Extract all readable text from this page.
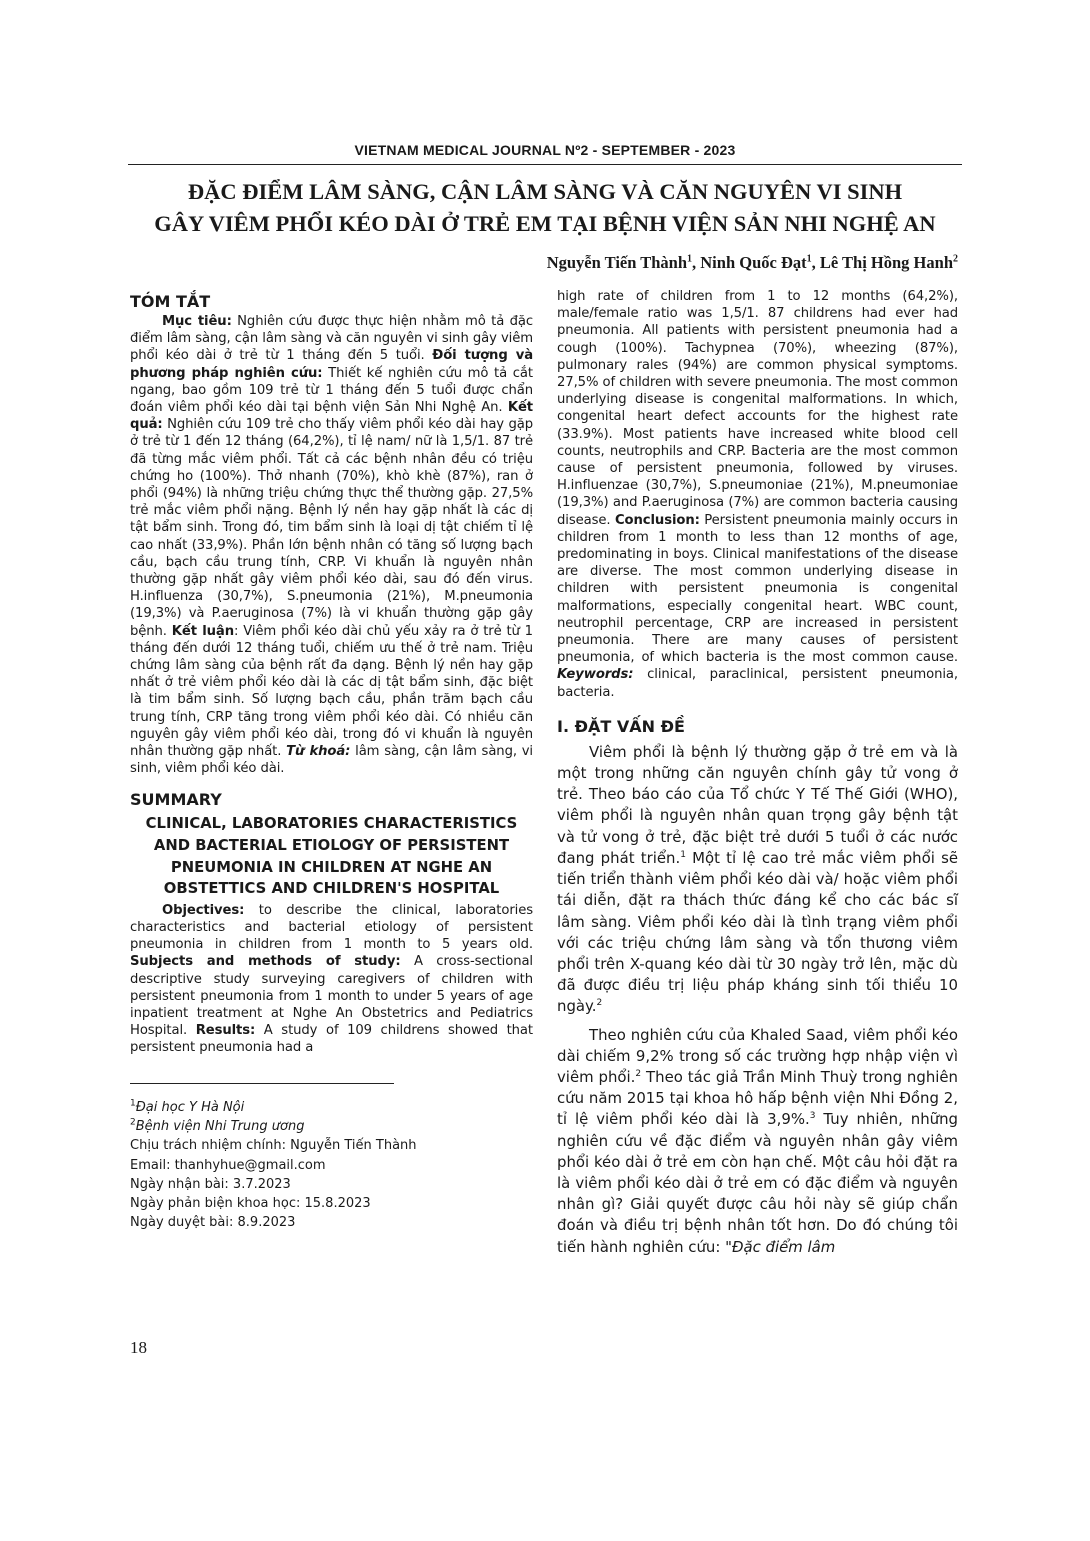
VIETNAM MEDICAL JOURNAL Nº2 - SEPTEMBER - 2023
ĐẶC ĐIỂM LÂM SÀNG, CẬN LÂM SÀNG VÀ CĂN NGUYÊN VI SINH
GÂY VIÊM PHỔI KÉO DÀI Ở TRẺ EM TẠI BỆNH VIỆN SẢN NHI NGHỆ AN
Nguyễn Tiến Thành$^1$, Ninh Quốc Đạt$^1$, Lê Thị Hồng Hanh$^2$
TÓM TẮT

Mục tiêu: Nghiên cứu được thực hiện nhằm mô tả đặc điểm lâm sàng, cận lâm sàng và căn nguyên vi sinh gây viêm phổi kéo dài ở trẻ từ 1 tháng đến 5 tuổi. Đối tượng và phương pháp nghiên cứu: Thiết kế nghiên cứu mô tả cắt ngang, bao gồm 109 trẻ từ 1 tháng đến 5 tuổi được chẩn đoán viêm phổi kéo dài tại bệnh viện Sản Nhi Nghệ An. Kết quả: Nghiên cứu 109 trẻ cho thấy viêm phổi kéo dài hay gặp ở trẻ từ 1 đến 12 tháng (64,2%), tỉ lệ nam/ nữ là 1,5/1. 87 trẻ đã từng mắc viêm phổi. Tất cả các bệnh nhân đều có triệu chứng ho (100%). Thở nhanh (70%), khò khè (87%), ran ở phổi (94%) là những triệu chứng thực thể thường gặp. 27,5% trẻ mắc viêm phổi nặng. Bệnh lý nền hay gặp nhất là các dị tật bẩm sinh. Trong đó, tim bẩm sinh là loại dị tật chiếm tỉ lệ cao nhất (33,9%). Phần lớn bệnh nhân có tăng số lượng bạch cầu, bạch cầu trung tính, CRP. Vi khuẩn là nguyên nhân thường gặp nhất gây viêm phổi kéo dài, sau đó đến virus. H.influenza (30,7%), S.pneumonia (21%), M.pneumonia (19,3%) và P.aeruginosa (7%) là vi khuẩn thường gặp gây bệnh. Kết luận: Viêm phổi kéo dài chủ yếu xảy ra ở trẻ từ 1 tháng đến dưới 12 tháng tuổi, chiếm ưu thế ở trẻ nam. Triệu chứng lâm sàng của bệnh rất đa dạng. Bệnh lý nền hay gặp nhất ở trẻ viêm phổi kéo dài là các dị tật bẩm sinh, đặc biệt là tim bẩm sinh. Số lượng bạch cầu, phần trăm bạch cầu trung tính, CRP tăng trong viêm phổi kéo dài. Có nhiều căn nguyên gây viêm phổi kéo dài, trong đó vi khuẩn là nguyên nhân thường gặp nhất. Từ khoá: lâm sàng, cận lâm sàng, vi sinh, viêm phổi kéo dài.

SUMMARY

CLINICAL, LABORATORIES CHARACTERISTICS AND BACTERIAL ETIOLOGY OF PERSISTENT PNEUMONIA IN CHILDREN AT NGHE AN OBSTETTICS AND CHILDREN'S HOSPITAL

Objectives: to describe the clinical, laboratories characteristics and bacterial etiology of persistent pneumonia in children from 1 month to 5 years old. Subjects and methods of study: A cross-sectional descriptive study surveying caregivers of children with persistent pneumonia from 1 month to under 5 years of age inpatient treatment at Nghe An Obstetrics and Pediatrics Hospital. Results: A study of 109 childrens showed that persistent pneumonia had a

$^1$Đại học Y Hà Nội

$^2$Bệnh viện Nhi Trung ương

Chịu trách nhiệm chính: Nguyễn Tiến Thành

Email: thanhyhue@gmail.com

Ngày nhận bài: 3.7.2023

Ngày phản biện khoa học: 15.8.2023

Ngày duyệt bài: 8.9.2023

high rate of children from 1 to 12 months (64,2%), male/female ratio was 1,5/1. 87 childrens had ever had pneumonia. All patients with persistent pneumonia had a cough (100%). Tachypnea (70%), wheezing (87%), pulmonary rales (94%) are common physical symptoms. 27,5% of children with severe pneumonia. The most common underlying disease is congenital malformations. In which, congenital heart defect accounts for the highest rate (33.9%). Most patients have increased white blood cell counts, neutrophils and CRP. Bacteria are the most common cause of persistent pneumonia, followed by viruses. H.influenzae (30,7%), S.pneumoniae (21%), M.pneumoniae (19,3%) and P.aeruginosa (7%) are common bacteria causing disease. Conclusion: Persistent pneumonia mainly occurs in children from 1 month to less than 12 months of age, predominating in boys. Clinical manifestations of the disease are diverse. The most common underlying disease in children with persistent pneumonia is congenital malformations, especially congenital heart. WBC count, neutrophil percentage, CRP are increased in persistent pneumonia. There are many causes of persistent pneumonia, of which bacteria is the most common cause. Keywords: clinical, paraclinical, persistent pneumonia, bacteria.

I. ĐẶT VẤN ĐỀ

Viêm phổi là bệnh lý thường gặp ở trẻ em và là một trong những căn nguyên chính gây tử vong ở trẻ. Theo báo cáo của Tổ chức Y Tế Thế Giới (WHO), viêm phổi là nguyên nhân quan trọng gây bệnh tật và tử vong ở trẻ, đặc biệt trẻ dưới 5 tuổi ở các nước đang phát triển.$^1$ Một tỉ lệ cao trẻ mắc viêm phổi sẽ tiến triển thành viêm phổi kéo dài và/ hoặc viêm phổi tái diễn, đặt ra thách thức đáng kể cho các bác sĩ lâm sàng. Viêm phổi kéo dài là tình trạng viêm phổi với các triệu chứng lâm sàng và tổn thương viêm phổi trên X-quang kéo dài từ 30 ngày trở lên, mặc dù đã được điều trị liệu pháp kháng sinh tối thiểu 10 ngày.$^2$

Theo nghiên cứu của Khaled Saad, viêm phổi kéo dài chiếm 9,2% trong số các trường hợp nhập viện vì viêm phổi.$^2$ Theo tác giả Trần Minh Thuỳ trong nghiên cứu năm 2015 tại khoa hô hấp bệnh viện Nhi Đồng 2, tỉ lệ viêm phổi kéo dài là 3,9%.$^3$ Tuy nhiên, những nghiên cứu về đặc điểm và nguyên nhân gây viêm phổi kéo dài ở trẻ em còn hạn chế. Một câu hỏi đặt ra là viêm phổi kéo dài ở trẻ em có đặc điểm và nguyên nhân gì? Giải quyết được câu hỏi này sẽ giúp chẩn đoán và điều trị bệnh nhân tốt hơn. Do đó chúng tôi tiến hành nghiên cứu: "Đặc điểm lâm

18
